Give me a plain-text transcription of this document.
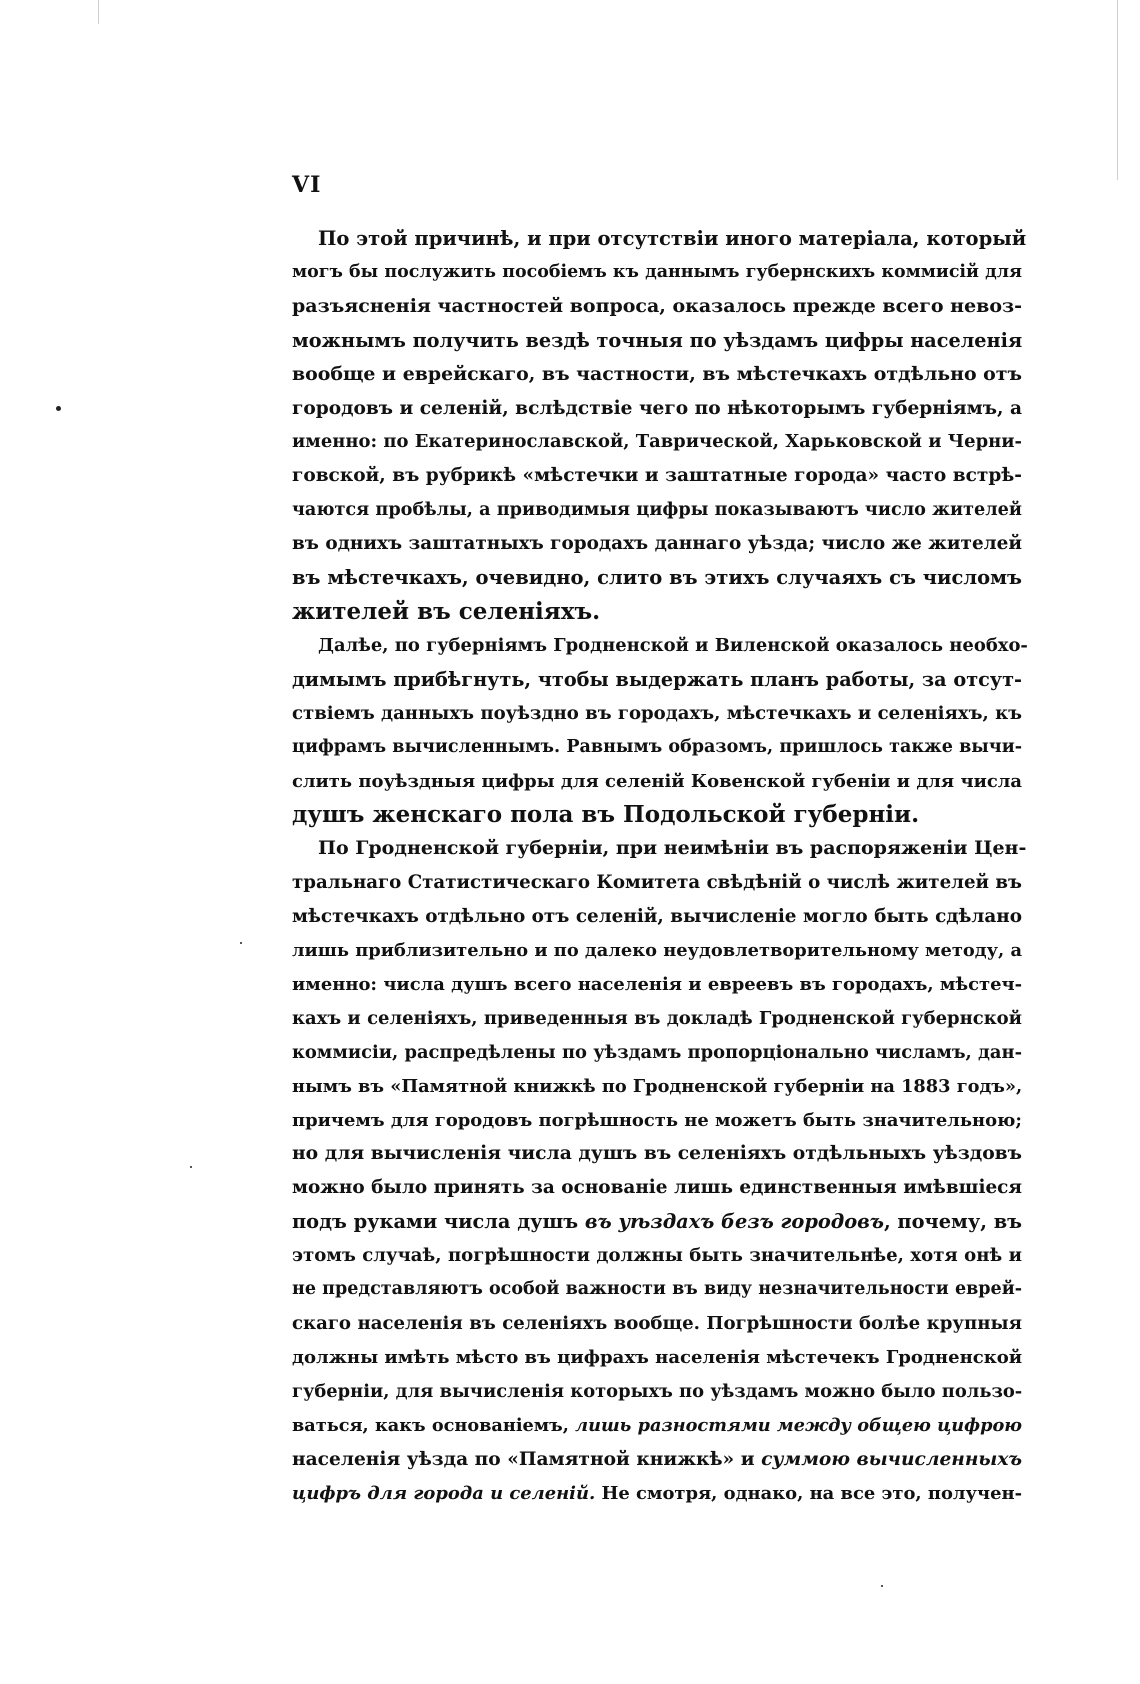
VI
По этой причинѣ, и при отсутствіи иного матеріала, который
могъ бы послужить пособіемъ къ даннымъ губернскихъ коммисій для
разъясненія частностей вопроса, оказалось прежде всего невоз-
можнымъ получить вездѣ точныя по уѣздамъ цифры населенія
вообще и еврейскаго, въ частности, въ мѣстечкахъ отдѣльно отъ
городовъ и селеній, вслѣдствіе чего по нѣкоторымъ губерніямъ, а
именно: по Екатеринославской, Таврической, Харьковской и Черни-
говской, въ рубрикѣ «мѣстечки и заштатные города» часто встрѣ-
чаются пробѣлы, а приводимыя цифры показываютъ число жителей
въ однихъ заштатныхъ городахъ даннаго уѣзда; число же жителей
въ мѣстечкахъ, очевидно, слито въ этихъ случаяхъ съ числомъ
жителей въ селеніяхъ.
Далѣе, по губерніямъ Гродненской и Виленской оказалось необхо-
димымъ прибѣгнуть, чтобы выдержать планъ работы, за отсут-
ствіемъ данныхъ поуѣздно въ городахъ, мѣстечкахъ и селеніяхъ, къ
цифрамъ вычисленнымъ. Равнымъ образомъ, пришлось также вычи-
слить поуѣздныя цифры для селеній Ковенской губеніи и для числа
душъ женскаго пола въ Подольской губерніи.
По Гродненской губерніи, при неимѣніи въ распоряженіи Цен-
тральнаго Статистическаго Комитета свѣдѣній о числѣ жителей въ
мѣстечкахъ отдѣльно отъ селеній, вычисленіе могло быть сдѣлано
лишь приблизительно и по далеко неудовлетворительному методу, а
именно: числа душъ всего населенія и евреевъ въ городахъ, мѣстеч-
кахъ и селеніяхъ, приведенныя въ докладѣ Гродненской губернской
коммисіи, распредѣлены по уѣздамъ пропорціонально числамъ, дан-
нымъ въ «Памятной книжкѣ по Гродненской губерніи на 1883 годъ»,
причемъ для городовъ погрѣшность не можетъ быть значительною;
но для вычисленія числа душъ въ селеніяхъ отдѣльныхъ уѣздовъ
можно было принять за основаніе лишь единственныя имѣвшіеся
подъ руками числа душъ въ уѣздахъ безъ городовъ, почему, въ
этомъ случаѣ, погрѣшности должны быть значительнѣе, хотя онѣ и
не представляютъ особой важности въ виду незначительности еврей-
скаго населенія въ селеніяхъ вообще. Погрѣшности болѣе крупныя
должны имѣть мѣсто въ цифрахъ населенія мѣстечекъ Гродненской
губерніи, для вычисленія которыхъ по уѣздамъ можно было пользо-
ваться, какъ основаніемъ, лишь разностями между общею цифрою
населенія уѣзда по «Памятной книжкѣ» и суммою вычисленныхъ
цифръ для города и селеній. Не смотря, однако, на все это, получен-
